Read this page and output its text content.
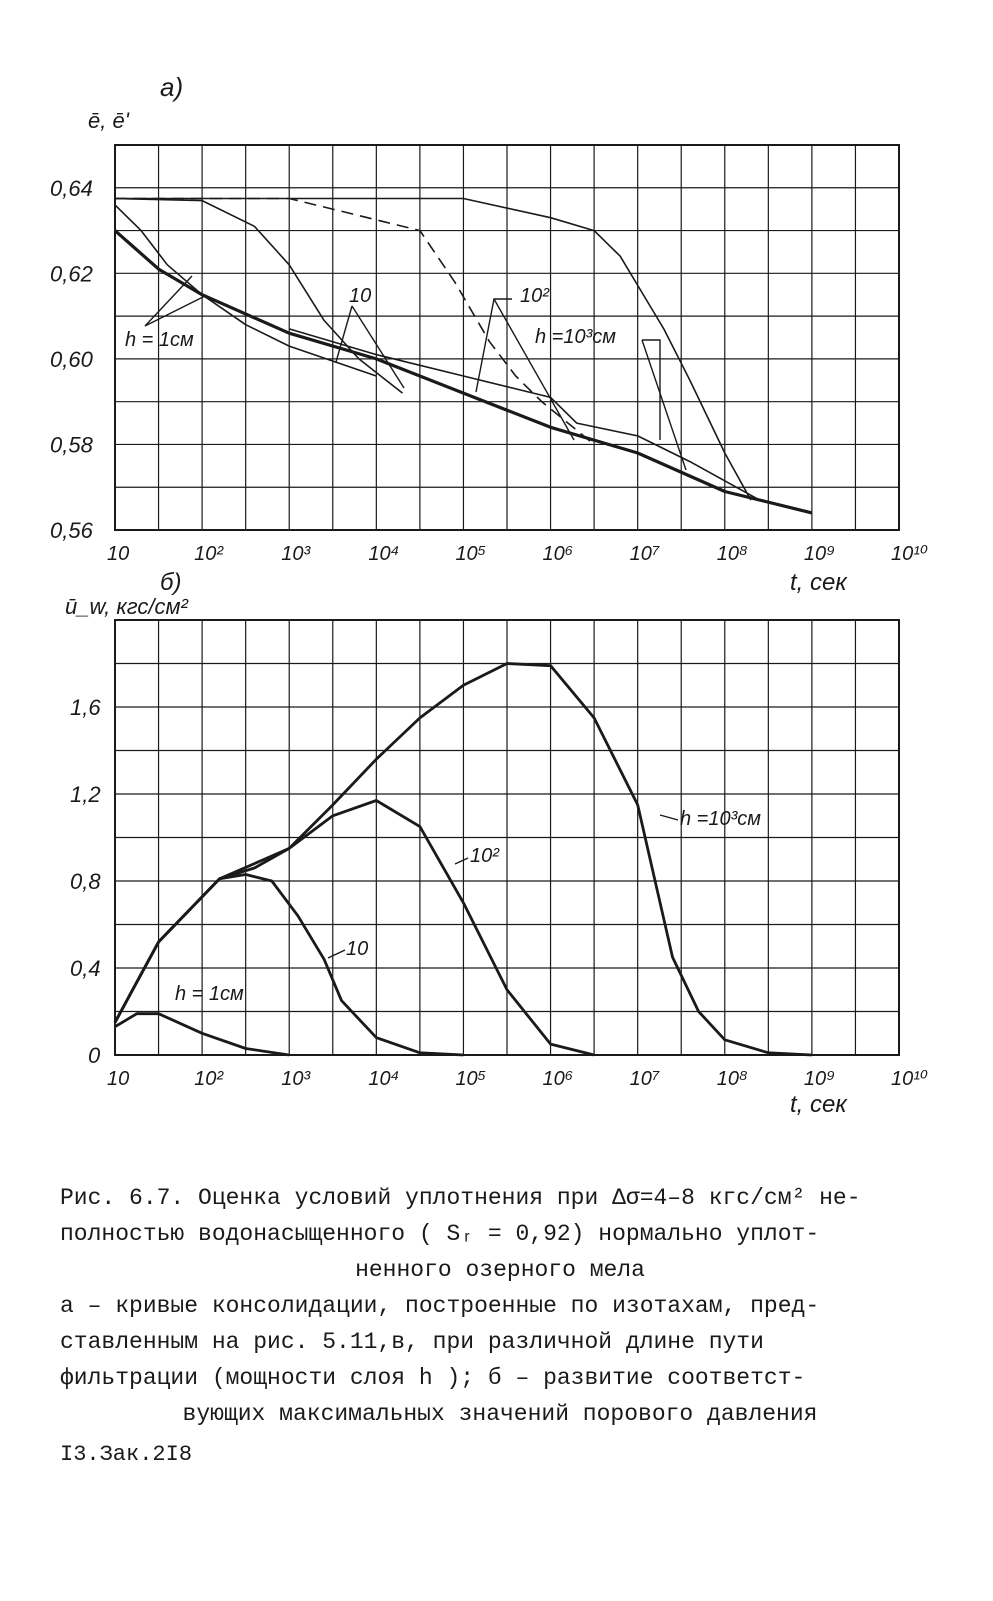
0,64
0,62
0,60
0,58
0,56
10	10²	10³	10⁴	10⁵	10⁶	10⁷	10⁸	10⁹	10¹⁰
а)
ē, ē'
t, сек
h = 1см
10	10²
h =10³см
1,6
1,2
0,8
0,4
0
10	10²	10³	10⁴	10⁵	10⁶	10⁷	10⁸	10⁹	10¹⁰
б)
ū_w, кгс/см²
t, сек
h = 1см
10
10²
h =10³см
Рис. 6.7. Оценка условий уплотнения при Δσ=4–8 кгс/см² не-
полностью водонасыщенного ( Sᵣ = 0,92) нормально уплот-
ненного озерного мела
а – кривые консолидации, построенные по изотахам, пред-
ставленным на рис. 5.11,в, при различной длине пути
фильтрации (мощности слоя h ); б – развитие соответст-
вующих максимальных значений порового давления
I3.Зак.2I8
